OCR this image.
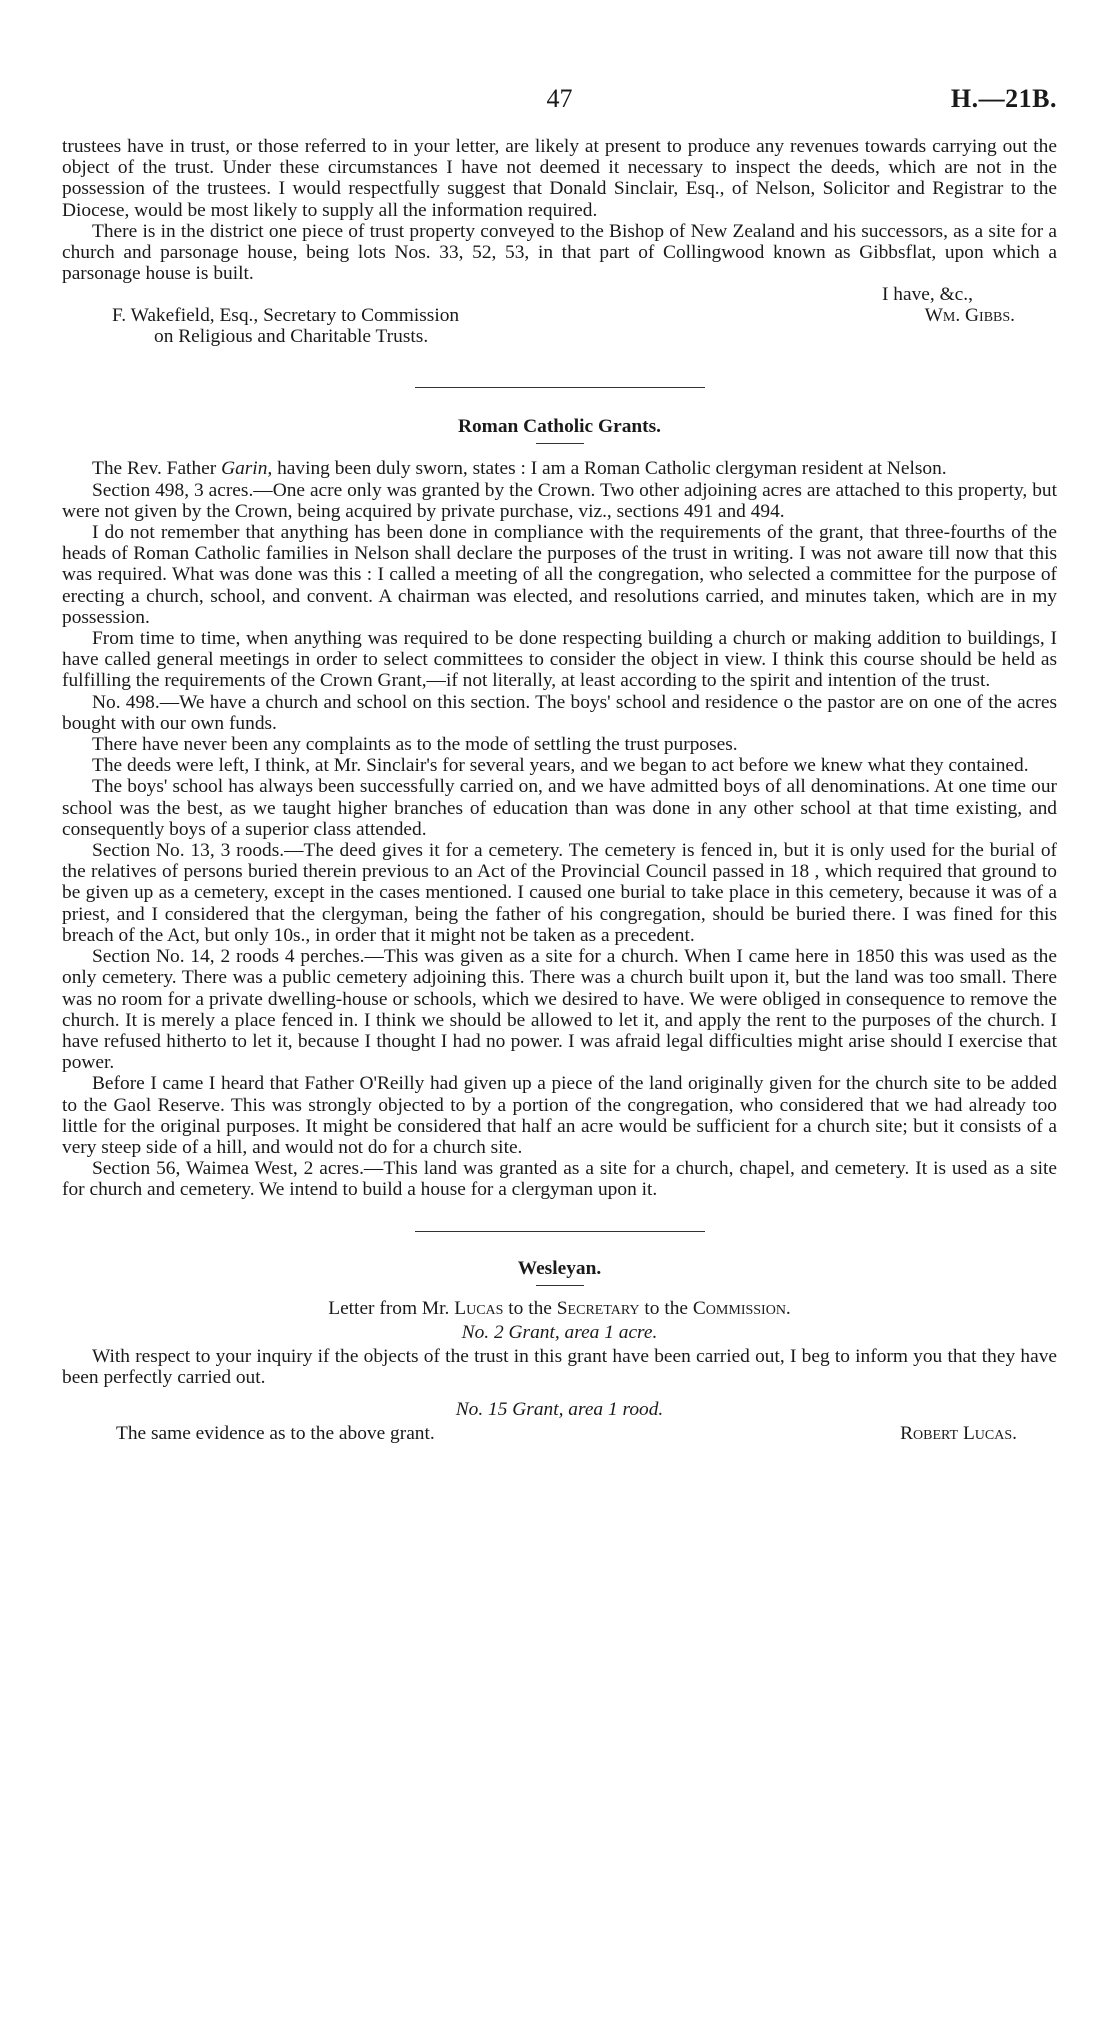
47	H.—21B.

trustees have in trust, or those referred to in your letter, are likely at present to produce any revenues towards carrying out the object of the trust. Under these circumstances I have not deemed it necessary to inspect the deeds, which are not in the possession of the trustees. I would respectfully suggest that Donald Sinclair, Esq., of Nelson, Solicitor and Registrar to the Diocese, would be most likely to supply all the information required.

There is in the district one piece of trust property conveyed to the Bishop of New Zealand and his successors, as a site for a church and parsonage house, being lots Nos. 33, 52, 53, in that part of Collingwood known as Gibbsflat, upon which a parsonage house is built.

I have, &c.,
F. Wakefield, Esq., Secretary to Commission
on Religious and Charitable Trusts.
Wm. Gibbs.
Roman Catholic Grants.

The Rev. Father Garin, having been duly sworn, states : I am a Roman Catholic clergyman resident at Nelson.

Section 498, 3 acres.—One acre only was granted by the Crown. Two other adjoining acres are attached to this property, but were not given by the Crown, being acquired by private purchase, viz., sections 491 and 494.

I do not remember that anything has been done in compliance with the requirements of the grant, that three-fourths of the heads of Roman Catholic families in Nelson shall declare the purposes of the trust in writing. I was not aware till now that this was required. What was done was this : I called a meeting of all the congregation, who selected a committee for the purpose of erecting a church, school, and convent. A chairman was elected, and resolutions carried, and minutes taken, which are in my possession.

From time to time, when anything was required to be done respecting building a church or making addition to buildings, I have called general meetings in order to select committees to consider the object in view. I think this course should be held as fulfilling the requirements of the Crown Grant,—if not literally, at least according to the spirit and intention of the trust.

No. 498.—We have a church and school on this section. The boys' school and residence o the pastor are on one of the acres bought with our own funds.

There have never been any complaints as to the mode of settling the trust purposes.

The deeds were left, I think, at Mr. Sinclair's for several years, and we began to act before we knew what they contained.

The boys' school has always been successfully carried on, and we have admitted boys of all denominations. At one time our school was the best, as we taught higher branches of education than was done in any other school at that time existing, and consequently boys of a superior class attended.

Section No. 13, 3 roods.—The deed gives it for a cemetery. The cemetery is fenced in, but it is only used for the burial of the relatives of persons buried therein previous to an Act of the Provincial Council passed in 18 , which required that ground to be given up as a cemetery, except in the cases mentioned. I caused one burial to take place in this cemetery, because it was of a priest, and I considered that the clergyman, being the father of his congregation, should be buried there. I was fined for this breach of the Act, but only 10s., in order that it might not be taken as a precedent.

Section No. 14, 2 roods 4 perches.—This was given as a site for a church. When I came here in 1850 this was used as the only cemetery. There was a public cemetery adjoining this. There was a church built upon it, but the land was too small. There was no room for a private dwelling-house or schools, which we desired to have. We were obliged in consequence to remove the church. It is merely a place fenced in. I think we should be allowed to let it, and apply the rent to the purposes of the church. I have refused hitherto to let it, because I thought I had no power. I was afraid legal difficulties might arise should I exercise that power.

Before I came I heard that Father O'Reilly had given up a piece of the land originally given for the church site to be added to the Gaol Reserve. This was strongly objected to by a portion of the congregation, who considered that we had already too little for the original purposes. It might be considered that half an acre would be sufficient for a church site; but it consists of a very steep side of a hill, and would not do for a church site.

Section 56, Waimea West, 2 acres.—This land was granted as a site for a church, chapel, and cemetery. It is used as a site for church and cemetery. We intend to build a house for a clergyman upon it.

Wesleyan.
Letter from Mr. Lucas to the Secretary to the Commission.
No. 2 Grant, area 1 acre.

With respect to your inquiry if the objects of the trust in this grant have been carried out, I beg to inform you that they have been perfectly carried out.

No. 15 Grant, area 1 rood.
The same evidence as to the above grant.	Robert Lucas.
